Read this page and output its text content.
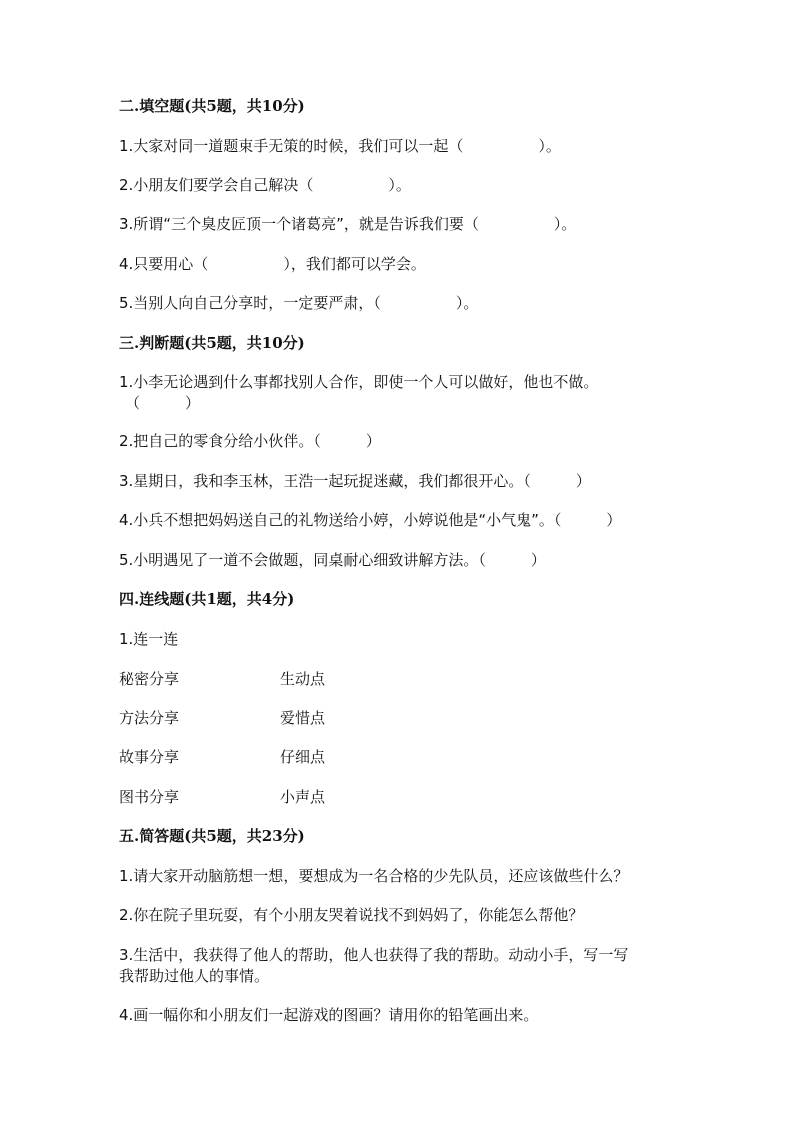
二.填空题(共5题，共10分)
1.大家对同一道题束手无策的时候，我们可以一起（　　　　　）。
2.小朋友们要学会自己解决（　　　　　）。
3.所谓“三个臭皮匠顶一个诸葛亮”，就是告诉我们要（　　　　　）。
4.只要用心（　　　　　），我们都可以学会。
5.当别人向自己分享时，一定要严肃，（　　　　　）。
三.判断题(共5题，共10分)
1.小李无论遇到什么事都找别人合作，即使一个人可以做好，他也不做。
（　　　）
2.把自己的零食分给小伙伴。（　　　）
3.星期日，我和李玉林，王浩一起玩捉迷藏，我们都很开心。（　　　）
4.小兵不想把妈妈送自己的礼物送给小婷，小婷说他是“小气鬼”。（　　　）
5.小明遇见了一道不会做题，同桌耐心细致讲解方法。（　　　）
四.连线题(共1题，共4分)
1.连一连
秘密分享	生动点
方法分享	爱惜点
故事分享	仔细点
图书分享	小声点
五.简答题(共5题，共23分)
1.请大家开动脑筋想一想，要想成为一名合格的少先队员，还应该做些什么？
2.你在院子里玩耍，有个小朋友哭着说找不到妈妈了，你能怎么帮他？
3.生活中，我获得了他人的帮助，他人也获得了我的帮助。动动小手，写一写
我帮助过他人的事情。
4.画一幅你和小朋友们一起游戏的图画？请用你的铅笔画出来。
